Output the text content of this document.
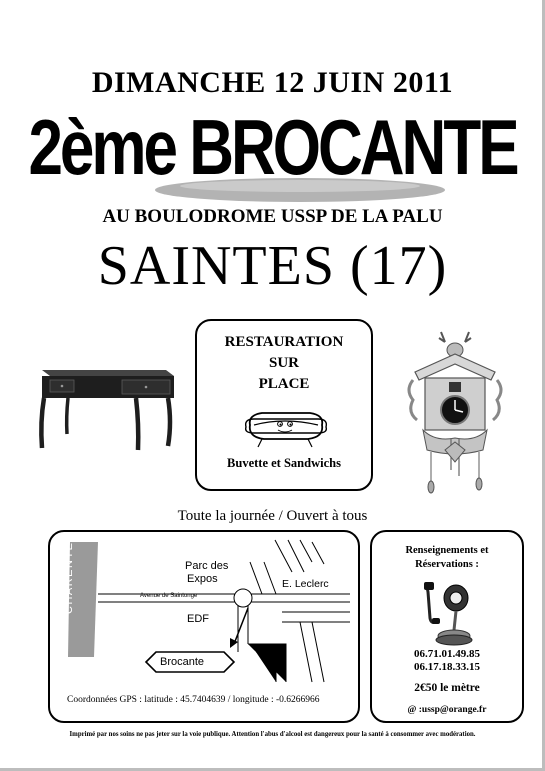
DIMANCHE 12 JUIN 2011
2ème BROCANTE
AU BOULODROME USSP DE LA PALU
SAINTES (17)
RESTAURATION
SUR
PLACE
Buvette et Sandwichs
Toute la journée / Ouvert à tous
CHARENTE	Parc des
Expos	E. Leclerc
Avenue de Saintonge
EDF
Brocante
Coordonnées GPS : latitude : 45.7404639 / longitude : -0.6266966
Renseignements et
Réservations :
06.71.01.49.85
06.17.18.33.15
2€50 le mètre
@ :ussp@orange.fr
Imprimé par nos soins ne pas jeter sur la voie publique. Attention l'abus d'alcool est dangereux pour la santé à consommer avec modération.
